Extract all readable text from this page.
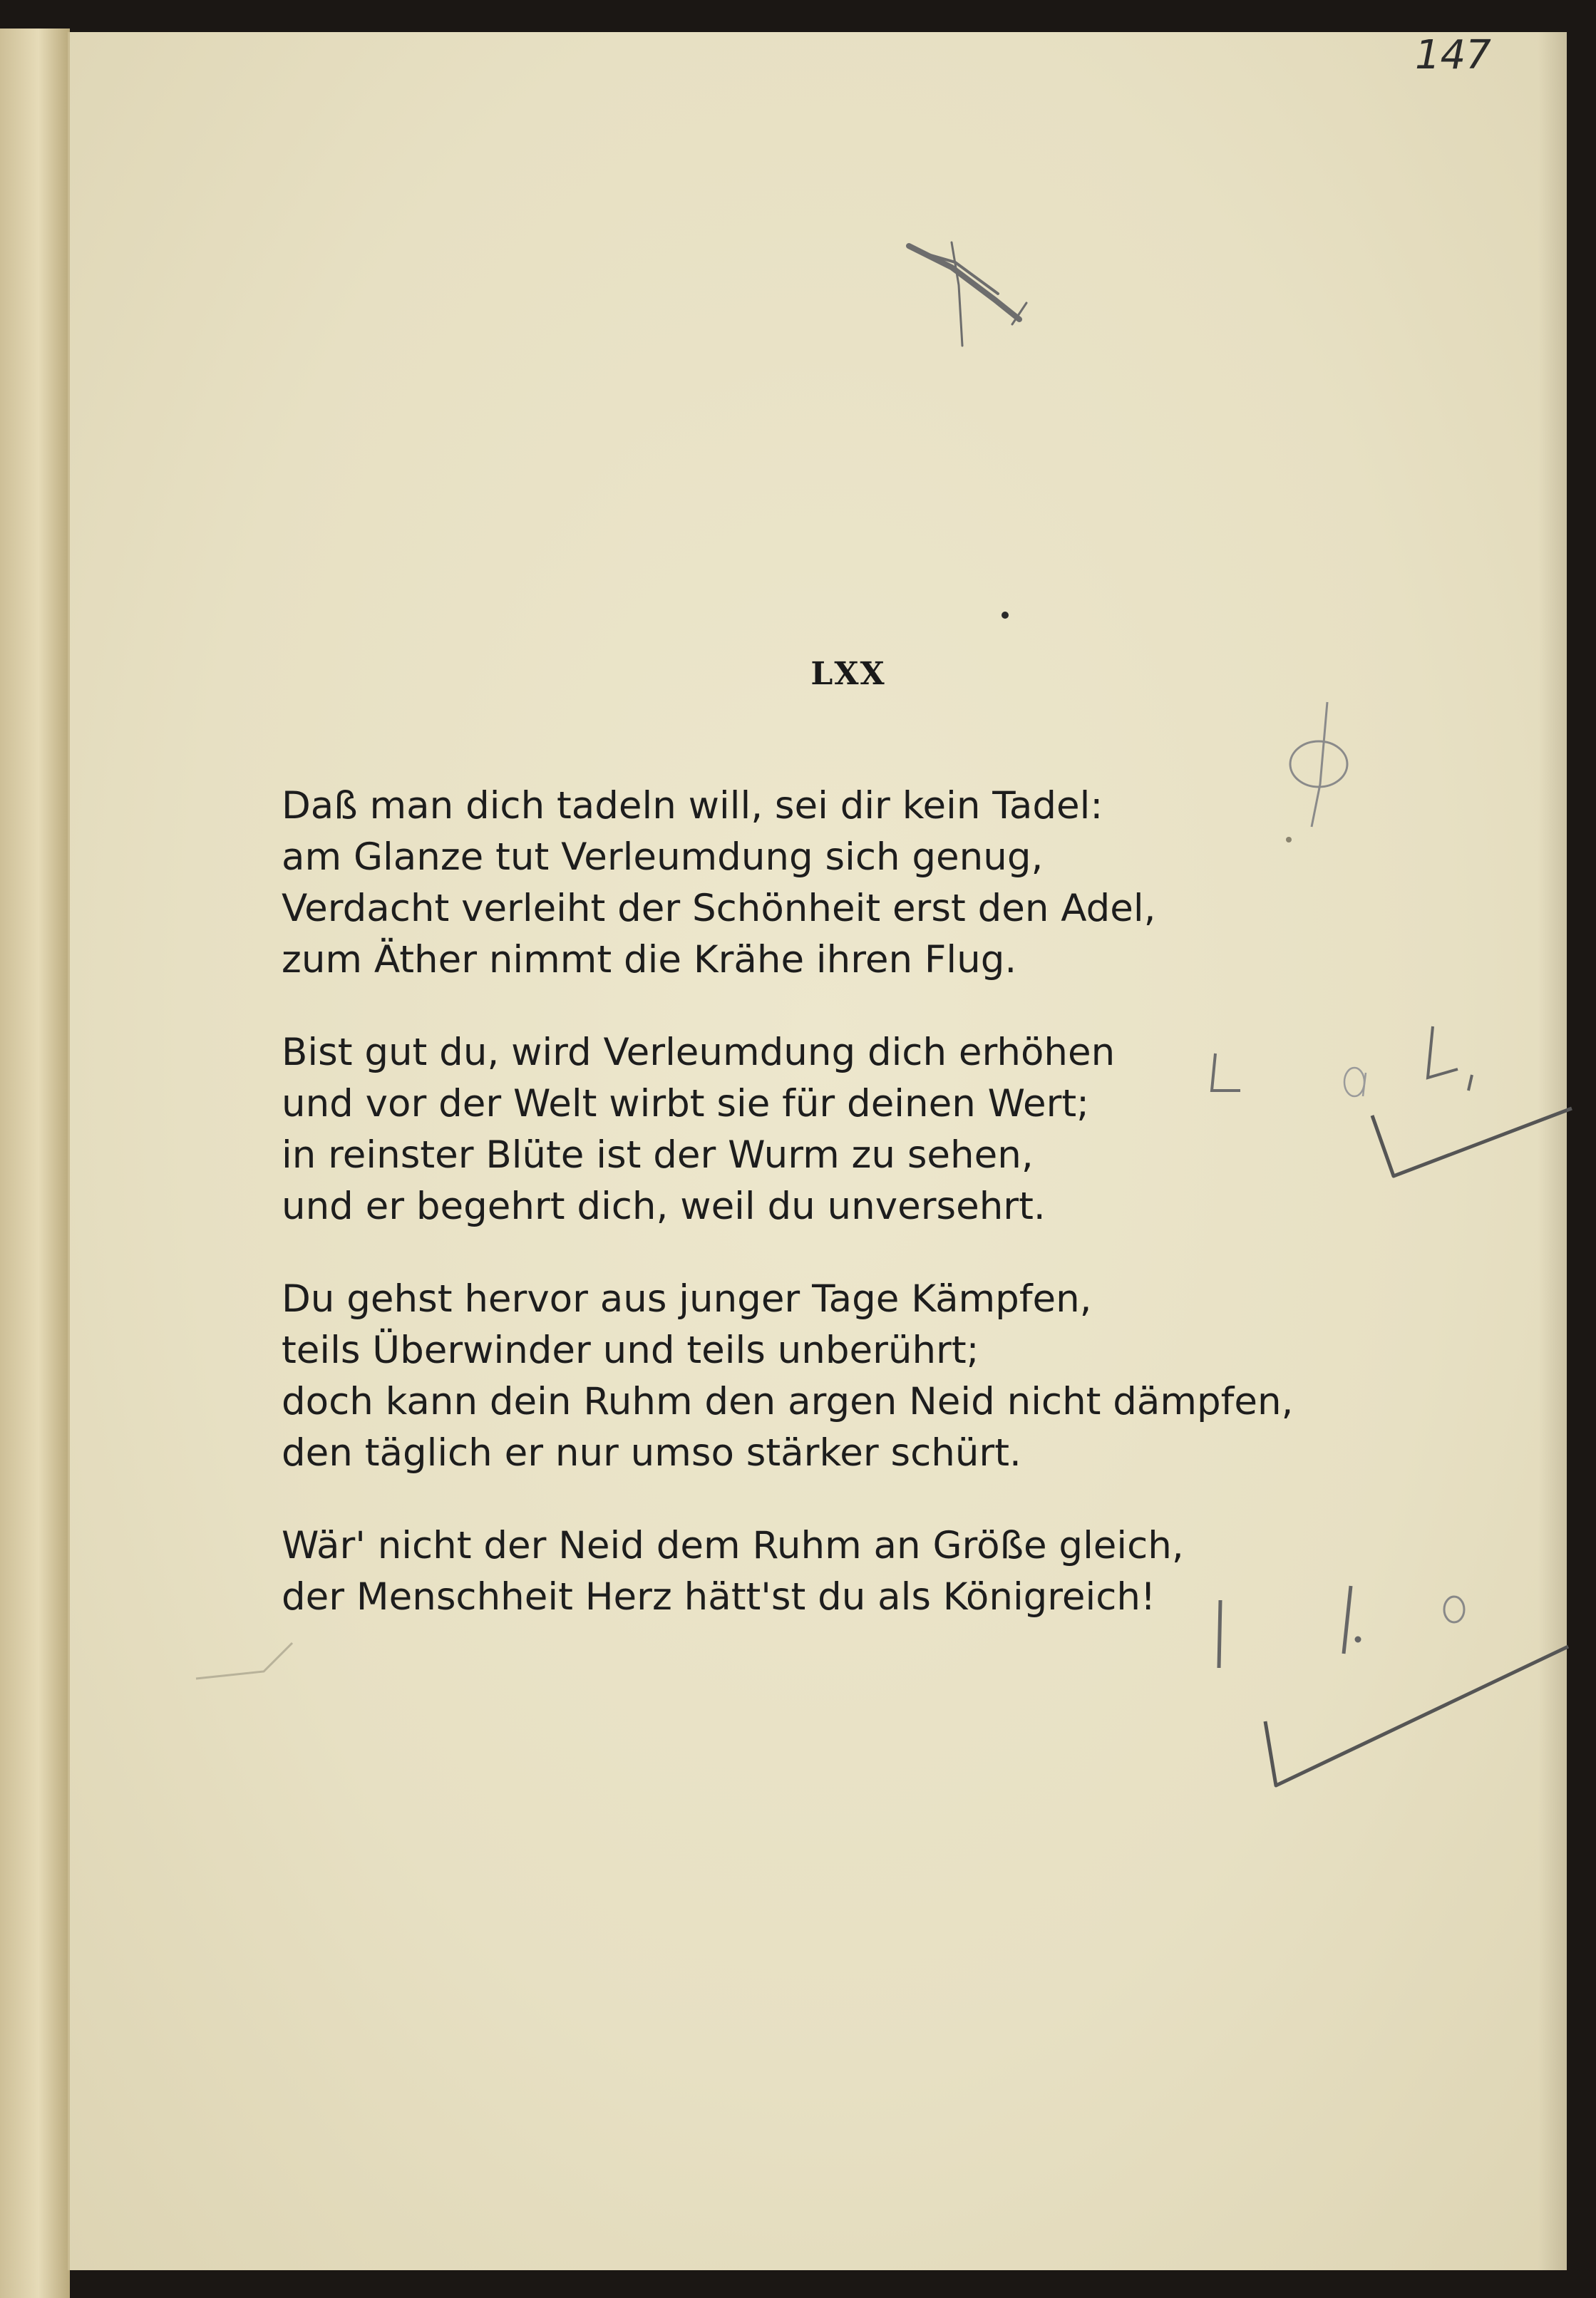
147
LXX
Daß man dich tadeln will, sei dir kein Tadel:
am Glanze tut Verleumdung sich genug,
Verdacht verleiht der Schönheit erst den Adel,
zum Äther nimmt die Krähe ihren Flug.
Bist gut du, wird Verleumdung dich erhöhen
und vor der Welt wirbt sie für deinen Wert;
in reinster Blüte ist der Wurm zu sehen,
und er begehrt dich, weil du unversehrt.
Du gehst hervor aus junger Tage Kämpfen,
teils Überwinder und teils unberührt;
doch kann dein Ruhm den argen Neid nicht dämpfen,
den täglich er nur umso stärker schürt.
Wär' nicht der Neid dem Ruhm an Größe gleich,
der Menschheit Herz hätt'st du als Königreich!
